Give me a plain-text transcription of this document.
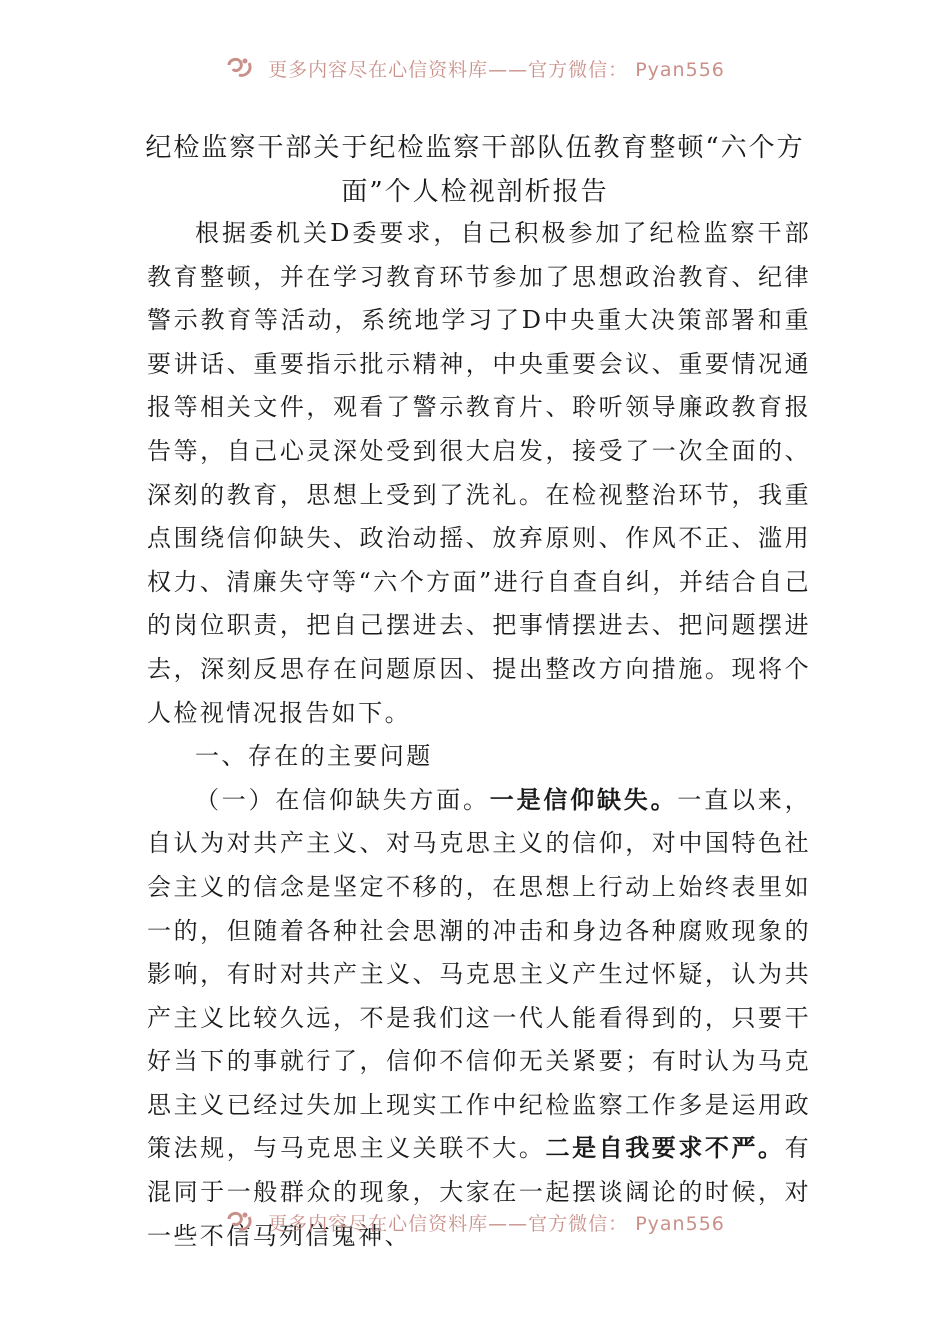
更多内容尽在心信资料库——官方微信： Pyan556
纪检监察干部关于纪检监察干部队伍教育整顿“六个方
面”个人检视剖析报告

根据委机关D委要求，自己积极参加了纪检监察干部教育整顿，并在学习教育环节参加了思想政治教育、纪律警示教育等活动，系统地学习了D中央重大决策部署和重要讲话、重要指示批示精神，中央重要会议、重要情况通报等相关文件，观看了警示教育片、聆听领导廉政教育报告等，自己心灵深处受到很大启发，接受了一次全面的、深刻的教育，思想上受到了洗礼。在检视整治环节，我重点围绕信仰缺失、政治动摇、放弃原则、作风不正、滥用权力、清廉失守等“六个方面”进行自查自纠，并结合自己的岗位职责，把自己摆进去、把事情摆进去、把问题摆进去，深刻反思存在问题原因、提出整改方向措施。现将个人检视情况报告如下。

一、存在的主要问题

（一）在信仰缺失方面。一是信仰缺失。一直以来，自认为对共产主义、对马克思主义的信仰，对中国特色社会主义的信念是坚定不移的，在思想上行动上始终表里如一的，但随着各种社会思潮的冲击和身边各种腐败现象的影响，有时对共产主义、马克思主义产生过怀疑，认为共产主义比较久远，不是我们这一代人能看得到的，只要干好当下的事就行了，信仰不信仰无关紧要；有时认为马克思主义已经过失加上现实工作中纪检监察工作多是运用政策法规，与马克思主义关联不大。二是自我要求不严。有混同于一般群众的现象，大家在一起摆谈阔论的时候，对一些不信马列信鬼神、

更多内容尽在心信资料库——官方微信： Pyan556
